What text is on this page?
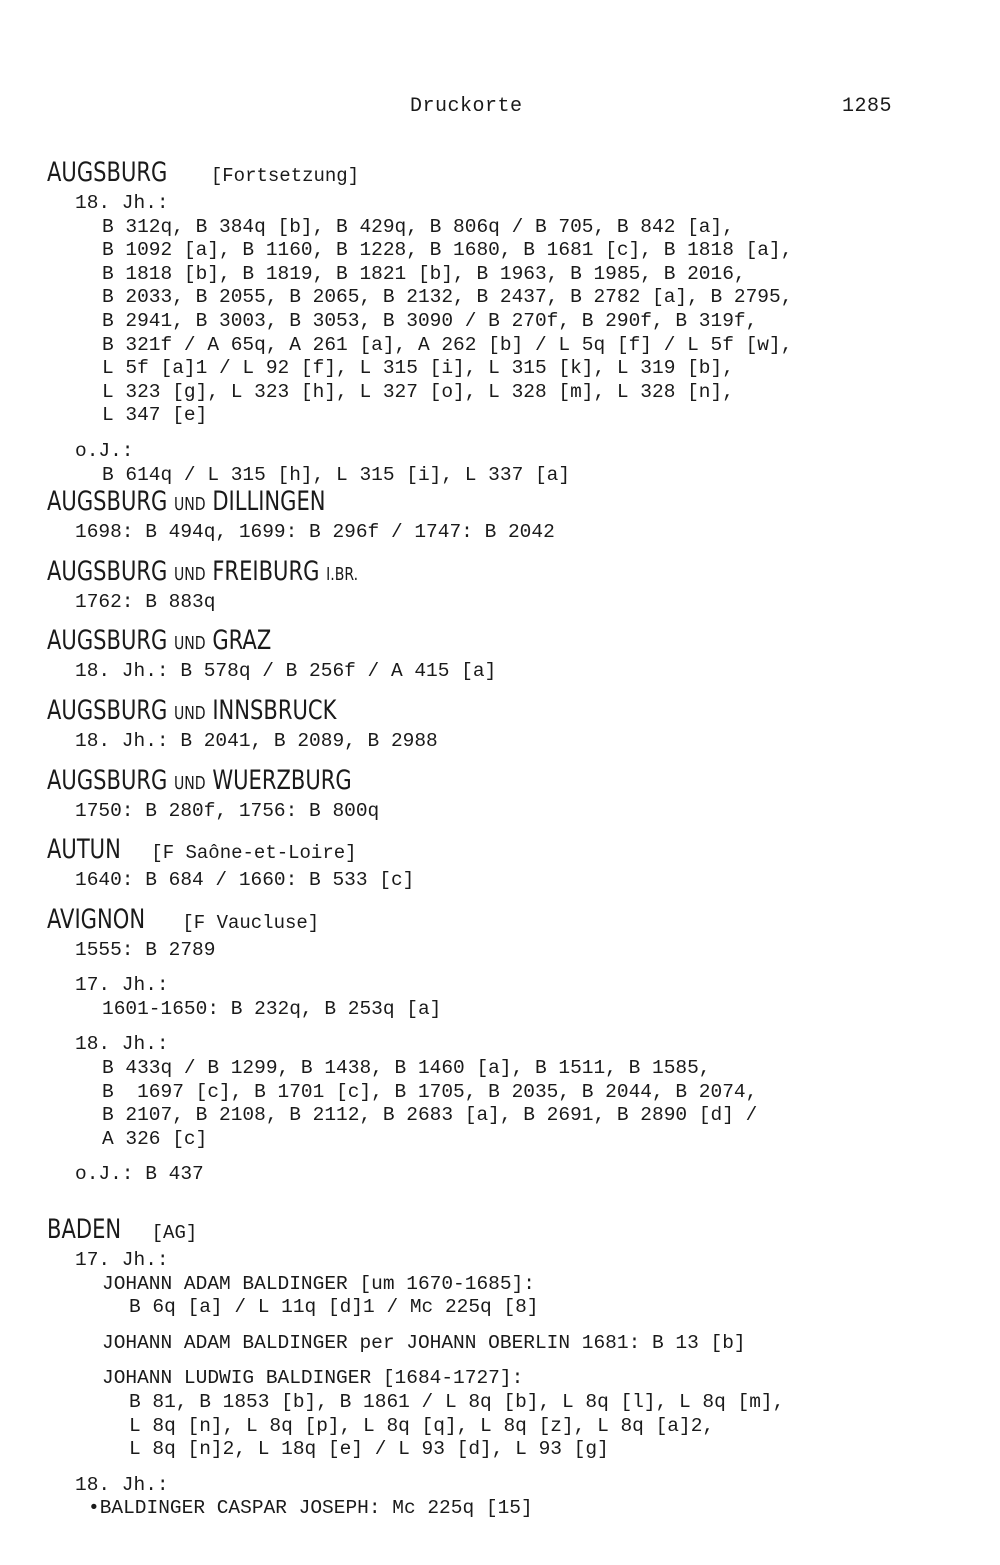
Druckorte	1285
AUGSBURG [Fortsetzung]
18. Jh.:
B 312q, B 384q [b], B 429q, B 806q / B 705, B 842 [a],
B 1092 [a], B 1160, B 1228, B 1680, B 1681 [c], B 1818 [a],
B 1818 [b], B 1819, B 1821 [b], B 1963, B 1985, B 2016,
B 2033, B 2055, B 2065, B 2132, B 2437, B 2782 [a], B 2795,
B 2941, B 3003, B 3053, B 3090 / B 270f, B 290f, B 319f,
B 321f / A 65q, A 261 [a], A 262 [b] / L 5q [f] / L 5f [w],
L 5f [a]1 / L 92 [f], L 315 [i], L 315 [k], L 319 [b],
L 323 [g], L 323 [h], L 327 [o], L 328 [m], L 328 [n],
L 347 [e]
o.J.:
B 614q / L 315 [h], L 315 [i], L 337 [a]
AUGSBURG UND DILLINGEN
1698: B 494q, 1699: B 296f / 1747: B 2042
AUGSBURG UND FREIBURG I.BR.
1762: B 883q
AUGSBURG UND GRAZ
18. Jh.: B 578q / B 256f / A 415 [a]
AUGSBURG UND INNSBRUCK
18. Jh.: B 2041, B 2089, B 2988
AUGSBURG UND WUERZBURG
1750: B 280f, 1756: B 800q
AUTUN [F Saône-et-Loire]
1640: B 684 / 1660: B 533 [c]
AVIGNON [F Vaucluse]
1555: B 2789
17. Jh.:
1601-1650: B 232q, B 253q [a]
18. Jh.:
B 433q / B 1299, B 1438, B 1460 [a], B 1511, B 1585,
B  1697 [c], B 1701 [c], B 1705, B 2035, B 2044, B 2074,
B 2107, B 2108, B 2112, B 2683 [a], B 2691, B 2890 [d] /
A 326 [c]
o.J.: B 437
BADEN [AG]
17. Jh.:
JOHANN ADAM BALDINGER [um 1670-1685]:
B 6q [a] / L 11q [d]1 / Mc 225q [8]
JOHANN ADAM BALDINGER per JOHANN OBERLIN 1681: B 13 [b]
JOHANN LUDWIG BALDINGER [1684-1727]:
B 81, B 1853 [b], B 1861 / L 8q [b], L 8q [l], L 8q [m],
L 8q [n], L 8q [p], L 8q [q], L 8q [z], L 8q [a]2,
L 8q [n]2, L 18q [e] / L 93 [d], L 93 [g]
18. Jh.:
•BALDINGER CASPAR JOSEPH: Mc 225q [15]
